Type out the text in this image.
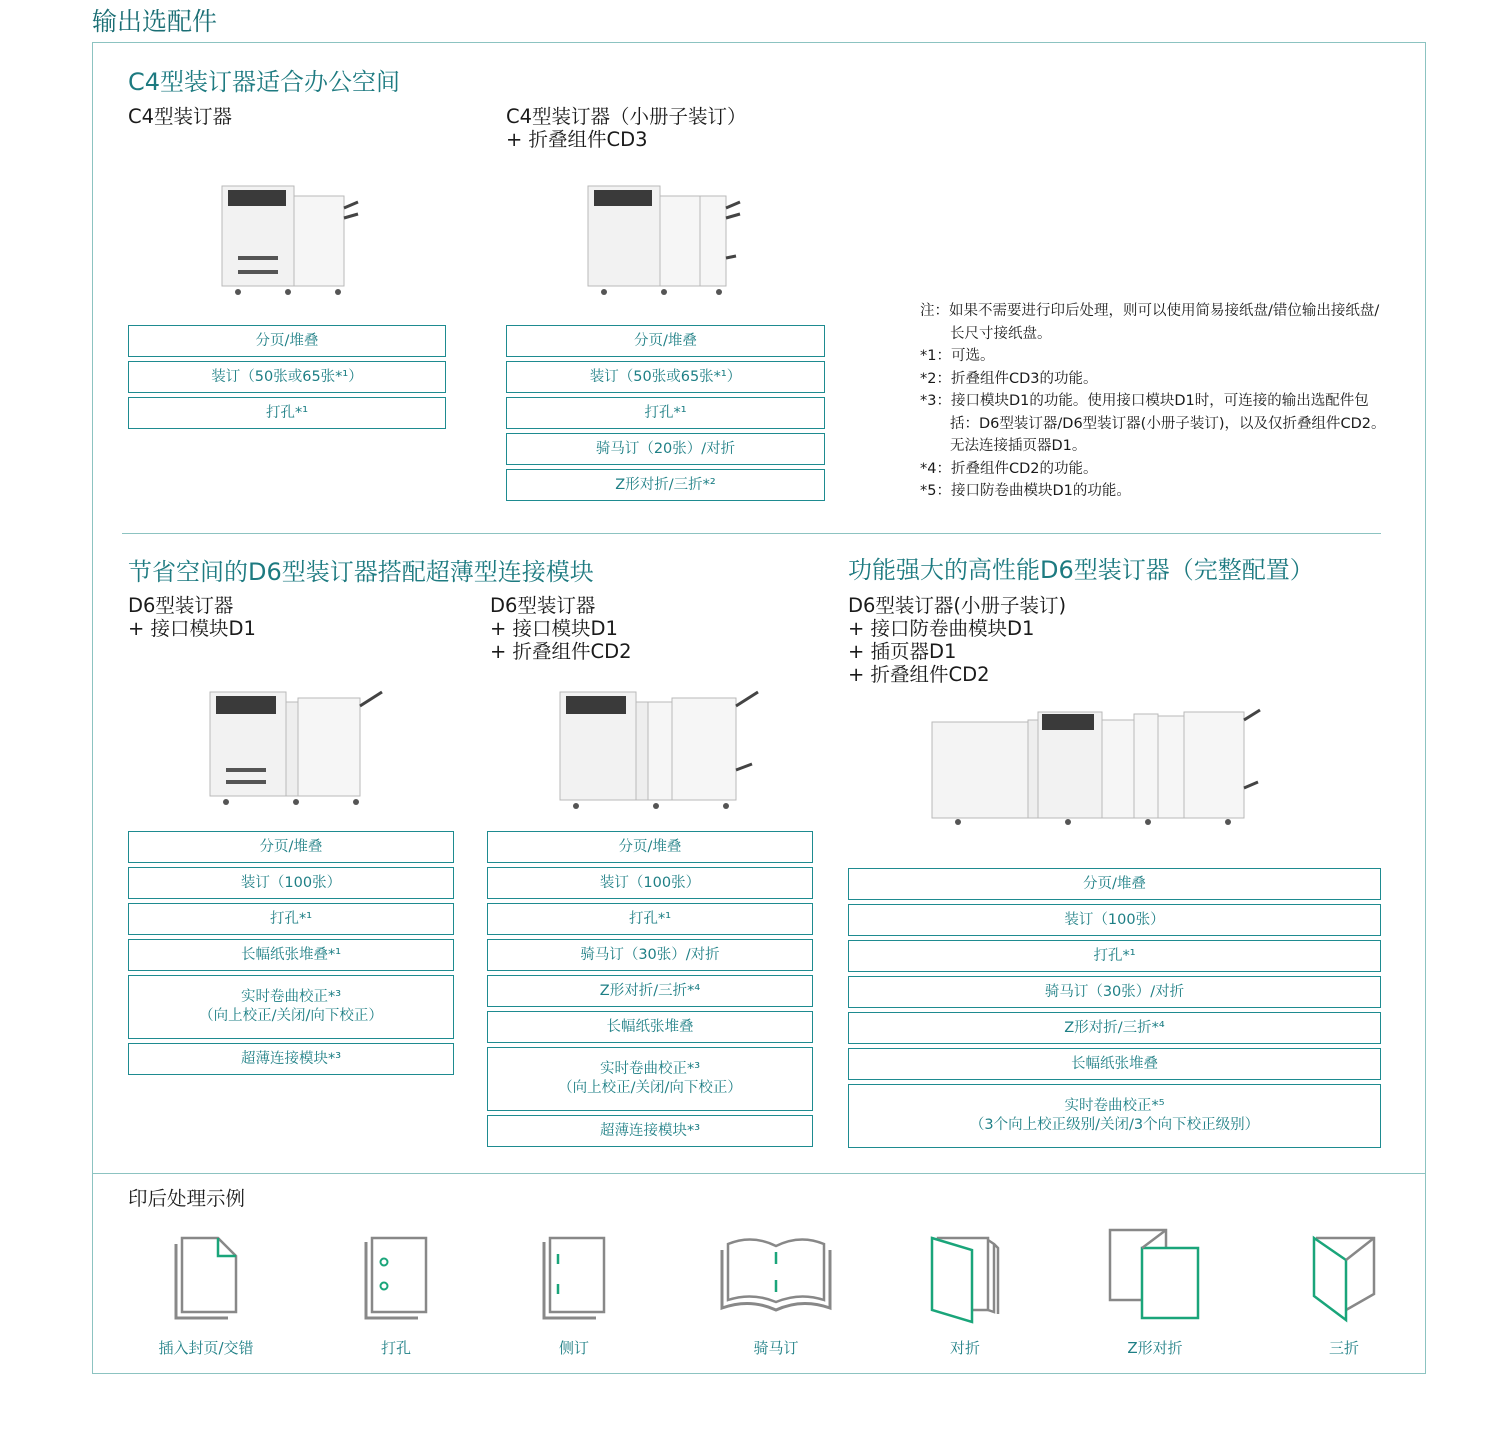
输出选配件
C4型装订器适合办公空间
C4型装订器	C4型装订器（小册子装订）
+ 折叠组件CD3
分页/堆叠
装订（50张或65张*¹）
打孔*¹
分页/堆叠
装订（50张或65张*¹）
打孔*¹
骑马订（20张）/对折
Z形对折/三折*²
注：如果不需要进行印后处理，则可以使用简易接纸盘/错位输出接纸盘/长尺寸接纸盘。
*1：可选。
*2：折叠组件CD3的功能。
*3：接口模块D1的功能。使用接口模块D1时，可连接的输出选配件包括：D6型装订器/D6型装订器(小册子装订)，以及仅折叠组件CD2。无法连接插页器D1。
*4：折叠组件CD2的功能。
*5：接口防卷曲模块D1的功能。
节省空间的D6型装订器搭配超薄型连接模块
D6型装订器
+ 接口模块D1
D6型装订器
+ 接口模块D1
+ 折叠组件CD2
分页/堆叠
装订（100张）
打孔*¹
长幅纸张堆叠*¹
实时卷曲校正*³
（向上校正/关闭/向下校正）
超薄连接模块*³
分页/堆叠
装订（100张）
打孔*¹
骑马订（30张）/对折
Z形对折/三折*⁴
长幅纸张堆叠
实时卷曲校正*³
（向上校正/关闭/向下校正）
超薄连接模块*³
功能强大的高性能D6型装订器（完整配置）
D6型装订器(小册子装订)
+ 接口防卷曲模块D1
+ 插页器D1
+ 折叠组件CD2
分页/堆叠
装订（100张）
打孔*¹
骑马订（30张）/对折
Z形对折/三折*⁴
长幅纸张堆叠
实时卷曲校正*⁵
（3个向上校正级别/关闭/3个向下校正级别）
印后处理示例
插入封页/交错	打孔	侧订	骑马订	对折	Z形对折	三折
